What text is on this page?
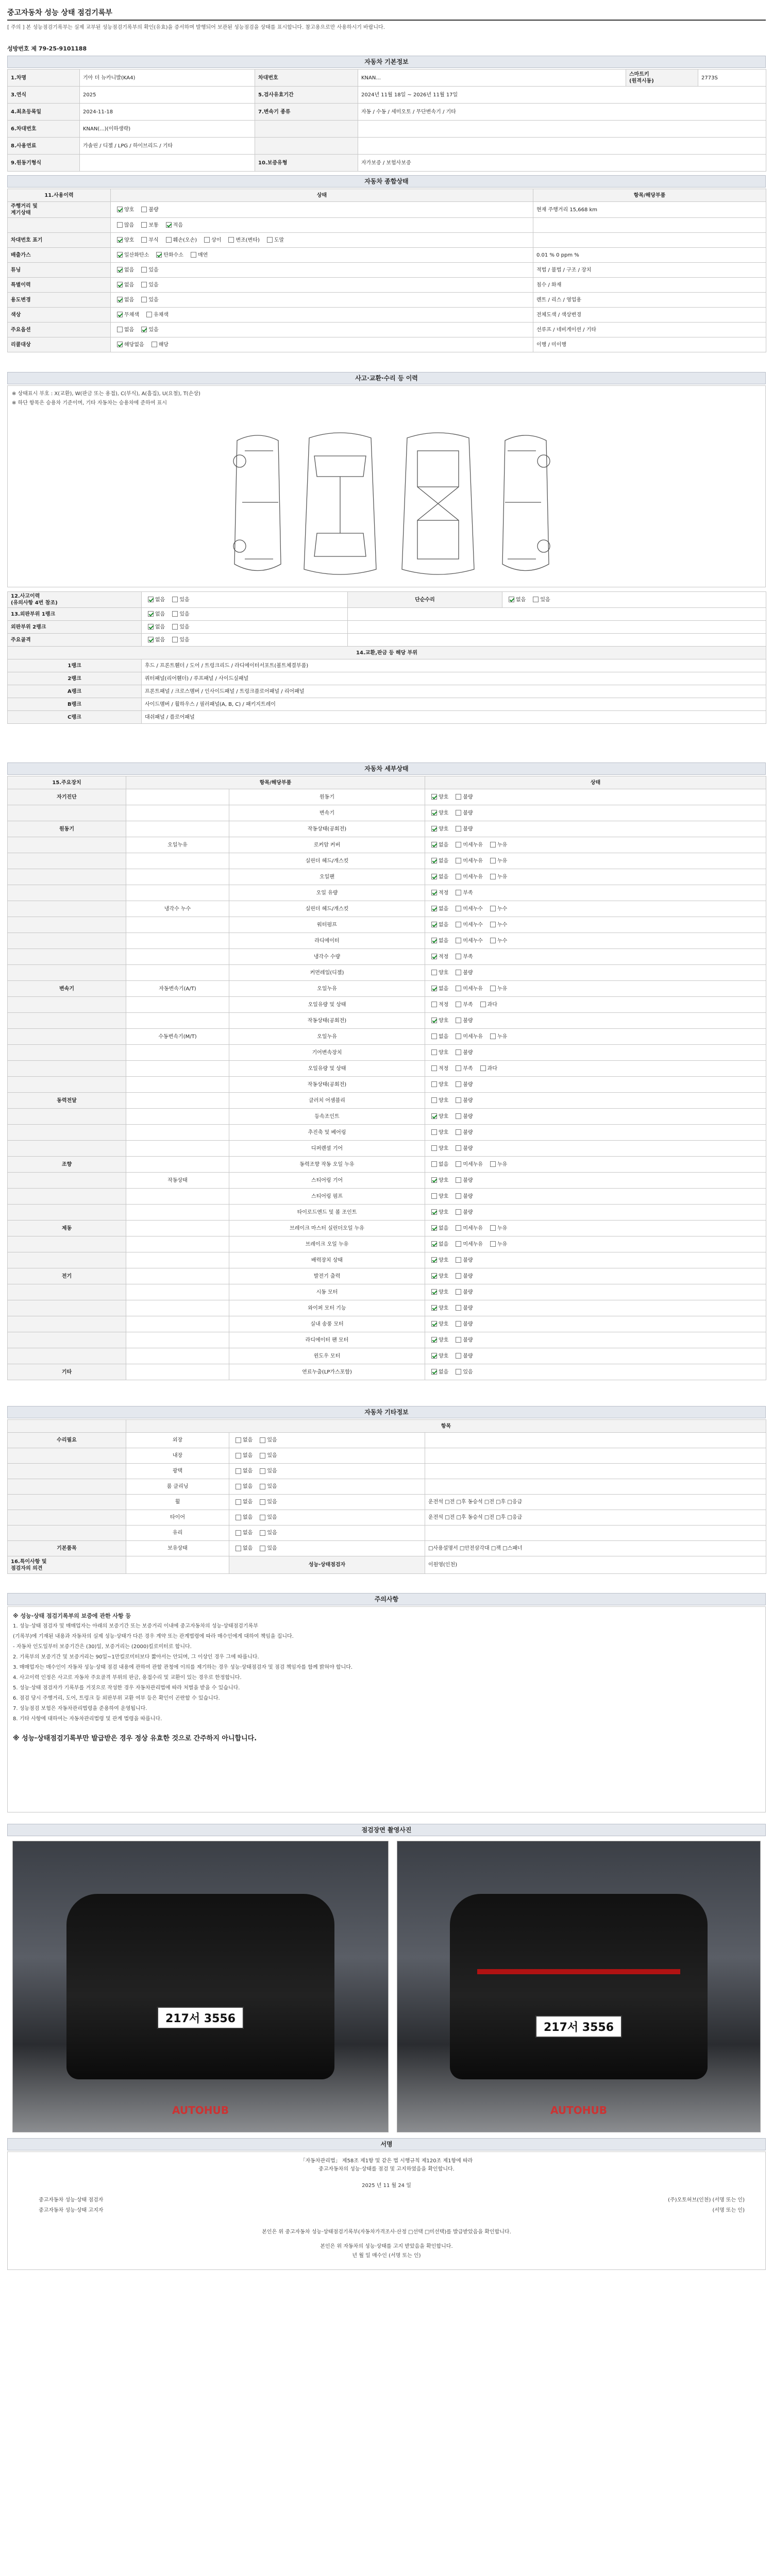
중고자동차 성능 상태 점검기록부
[ 주의 ] 본 성능점검기록부는 실제 교부된 성능점검기록부의 확인(유효)을 증서하며 발행되어 보관된 성능점검을 상태를 표시합니다. 참고용으로만 사용하시기 바랍니다.
성방번호 제 79-25-9101188
자동차 기본정보
1.차명	기아 더 뉴카니발(KA4)	차대번호	KNAN...	스마트키
(원격시동)	2773S
3.연식	2025	5.검사유효기간	2024년 11월 18일 ~ 2026년 11월 17일		
4.최초등록일	2024-11-18	7.변속기 종류	자동 / 수동 / 세미오토 / 무단변속기 / 기타		
6.차대번호	KNAN(...)(이하생략)				
8.사용연료	가솔린 / 디젤 / LPG / 하이브리드 / 기타				
9.원동기형식		10.보증유형	자가보증 / 보험사보증		
자동차 종합상태
11.사용이력	상태	항목/해당부품
주행거리 및
계기상태	양호 불량	현재 주행거리 15,668 km
	많음 보통 적음	
차대번호 표기	양호 부식 훼손(오손) 상이 변조(변타) 도말	
배출가스	일산화탄소 탄화수소 매연	0.01 % 0 ppm %
튜닝	없음 있음	적법 / 불법 / 구조 / 장치
특별이력	없음 있음	침수 / 화재
용도변경	없음 있음	렌트 / 리스 / 영업용
색상	무채색 유채색	전체도색 / 색상변경
주요옵션	없음 있음	선루프 / 네비게이션 / 기타
리콜대상	해당없음 해당	이행 / 미이행
사고·교환·수리 등 이력
※ 상태표시 부호 : X(교환), W(판금 또는 용접), C(부식), A(흠집), U(요철), T(손상)
※ 하단 항목은 승용차 기준이며, 기타 자동차는 승용차에 준하여 표시
12.사고이력
(유의사항 4번 참조)	없음 있음	단순수리	없음 있음
13.외판부위 1랭크	없음 있음		
외판부위 2랭크	없음 있음		
주요골격	없음 있음		
14.교환,판금 등 해당 부위			
1랭크	후드 / 프론트휀더 / 도어 / 트렁크리드 / 라디에이터서포트(볼트체결부품)		
2랭크	쿼터패널(리어휀더) / 루프패널 / 사이드실패널		
A랭크	프론트패널 / 크로스멤버 / 인사이드패널 / 트렁크플로어패널 / 리어패널		
B랭크	사이드멤버 / 휠하우스 / 필러패널(A, B, C) / 패키지트레이		
C랭크	대쉬패널 / 플로어패널		
자동차 세부상태
15.주요장치	항목/해당부품		상태
자기진단		원동기	양호 불량
		변속기	양호 불량
원동기		작동상태(공회전)	양호 불량
	오일누유	로커암 커버	없음 미세누유 누유
		실린더 헤드/개스킷	없음 미세누유 누유
		오일팬	없음 미세누유 누유
		오일 유량	적정 부족
	냉각수 누수	실린더 헤드/개스킷	없음 미세누수 누수
		워터펌프	없음 미세누수 누수
		라디에이터	없음 미세누수 누수
		냉각수 수량	적정 부족
		커먼레일(디젤)	양호 불량
변속기	자동변속기(A/T)	오일누유	없음 미세누유 누유
		오일유량 및 상태	적정 부족 과다
		작동상태(공회전)	양호 불량
	수동변속기(M/T)	오일누유	없음 미세누유 누유
		기어변속장치	양호 불량
		오일유량 및 상태	적정 부족 과다
		작동상태(공회전)	양호 불량
동력전달		클러치 어셈블리	양호 불량
		등속조인트	양호 불량
		추진축 및 베어링	양호 불량
		디퍼렌셜 기어	양호 불량
조향		동력조향 작동 오일 누유	없음 미세누유 누유
	작동상태	스티어링 기어	양호 불량
		스티어링 펌프	양호 불량
		타이로드엔드 및 볼 조인트	양호 불량
제동		브레이크 마스터 실린더오일 누유	없음 미세누유 누유
		브레이크 오일 누유	없음 미세누유 누유
		배력장치 상태	양호 불량
전기		발전기 출력	양호 불량
		시동 모터	양호 불량
		와이퍼 모터 기능	양호 불량
		실내 송풍 모터	양호 불량
		라디에이터 팬 모터	양호 불량
		윈도우 모터	양호 불량
기타		연료누출(LP가스포함)	없음 있음
자동차 기타정보
	항목		
수리필요	외장	없음 있음	
	내장	없음 있음	
	광택	없음 있음	
	룸 클리닝	없음 있음	
	휠	없음 있음	운전석 □전 □후 동승석 □전 □후 □응급
	타이어	없음 있음	운전석 □전 □후 동승석 □전 □후 □응급
	유리	없음 있음	
기본품목	보유상태	없음 있음	□사용설명서 □안전삼각대 □잭 □스패너
16.특이사항 및
점검자의 의견		성능·상태점검자	이원영(인천)
주의사항
※ 성능·상태 점검기록부의 보증에 관한 사항 등
1. 성능·상태 점검자 및 매매업자는 아래의 보증기간 또는 보증거리 이내에 중고자동차의 성능·상태점검기록부
(기록부)에 기재된 내용과 자동차의 실제 성능·상태가 다른 경우 계약 또는 관계법령에 따라 매수인에게 대하여 책임을 집니다.
- 자동차 인도일부터 보증기간은 (30)일, 보증거리는 (2000)킬로미터로 합니다.
2. 기록부의 보증기간 및 보증거리는 90일~1만킬로미터보다 짧아서는 안되며, 그 이상인 경우 그에 따릅니다.
3. 매매업자는 매수인이 자동차 성능·상태 점검 내용에 관하여 관할 관청에 이의를 제기하는 경우 성능·상태점검자 및 점검 책임자를 함께 밝혀야 합니다.
4. 사고이력 인정은 사고로 자동차 주요골격 부위의 판금, 용접수리 및 교환이 있는 경우로 한정합니다.
5. 성능·상태 점검자가 기록부를 거짓으로 작성한 경우 자동차관리법에 따라 처벌을 받을 수 있습니다.
6. 점검 당시 주행거리, 도어, 트렁크 등 외판부위 교환 여부 등은 확인이 곤란할 수 있습니다.
7. 성능점검 보험은 자동차관리법령을 준용하여 운영됩니다.
8. 기타 사항에 대하여는 자동차관리법령 및 관계 법령을 따릅니다.
※ 성능·상태점검기록부만 발급받은 경우 정상 유효한 것으로 간주하지 아니합니다.
점검장면 촬영사진
217서 3556
AUTOHUB
217서 3556
AUTOHUB
서명
「자동차관리법」 제58조 제1항 및 같은 법 시행규칙 제120조 제1항에 따라
중고자동차의 성능·상태를 점검 및 고지하였음을 확인합니다.
2025 년 11 월 24 일
중고자동차 성능·상태 점검자	(주)오토허브(인천) (서명 또는 인)
중고자동차 성능·상태 고지자	(서명 또는 인)
본인은 위 중고자동차 성능·상태점검기록부(자동차가격조사·산정 □선택 □미선택)를 발급받았음을 확인합니다.
본인은 위 자동차의 성능·상태를 고지 받았음을 확인합니다.
년 월 일 매수인 (서명 또는 인)
